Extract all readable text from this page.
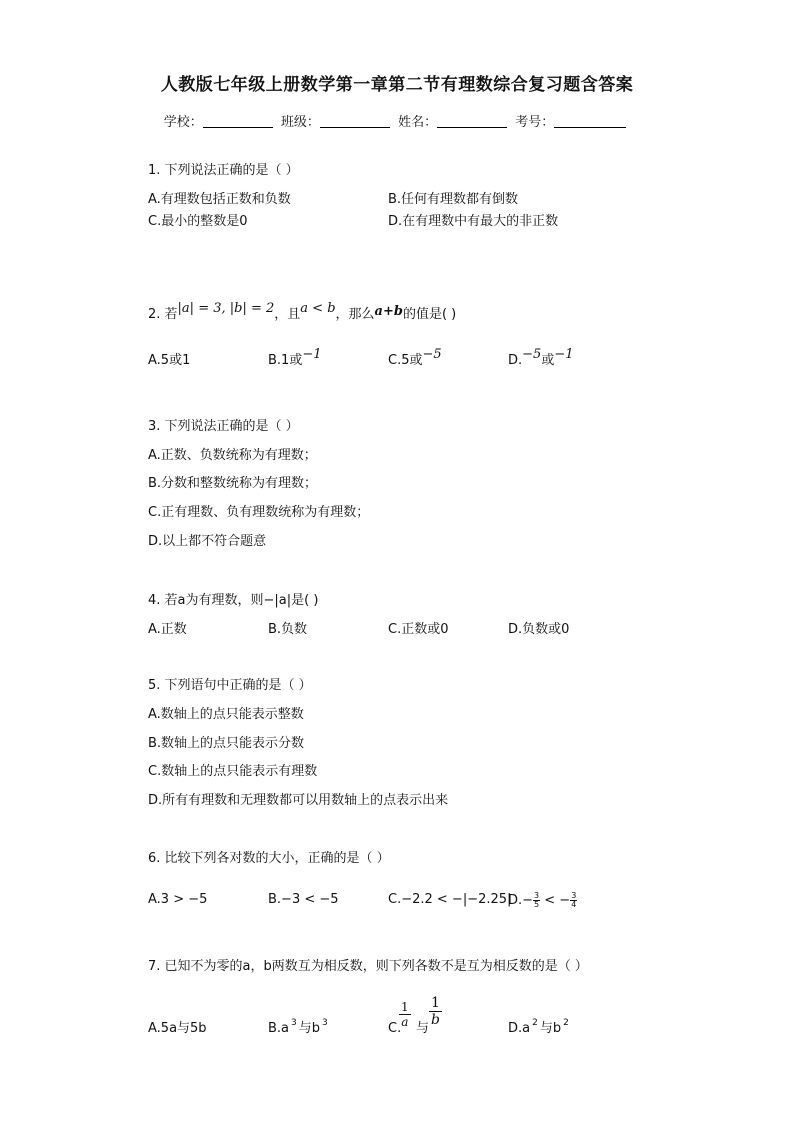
人教版七年级上册数学第一章第二节有理数综合复习题含答案
学校：	班级：	姓名：	考号：
1. 下列说法正确的是（ ）
A.有理数包括正数和负数	B.任何有理数都有倒数
C.最小的整数是0	D.在有理数中有最大的非正数
2. 若|a| = 3, |b| = 2，且a < b，那么a+b的值是( )
A.5或1	B.1或−1	C.5或−5	D.−5或−1
3. 下列说法正确的是（ ）
A.正数、负数统称为有理数；
B.分数和整数统称为有理数；
C.正有理数、负有理数统称为有理数；
D.以上都不符合题意
4. 若a为有理数，则−|a|是( )
A.正数	B.负数	C.正数或0	D.负数或0
5. 下列语句中正确的是（ ）
A.数轴上的点只能表示整数
B.数轴上的点只能表示分数
C.数轴上的点只能表示有理数
D.所有有理数和无理数都可以用数轴上的点表示出来
6. 比较下列各对数的大小，正确的是（ ）
A.3 > −5	B.−3 < −5	C.−2.2 < −|−2.25|
$D.- \frac{3}{5}$ < − $\frac{3}{4}$
7. 已知不为零的a，b两数互为相反数，则下列各数不是互为相反数的是（ ）
A.5a与5b	B.a $^3$ 与b $^3$	C.
$\frac{1}{a}$ 与
$\frac{1}{b}$
D.a $^2$ 与b $^2$
